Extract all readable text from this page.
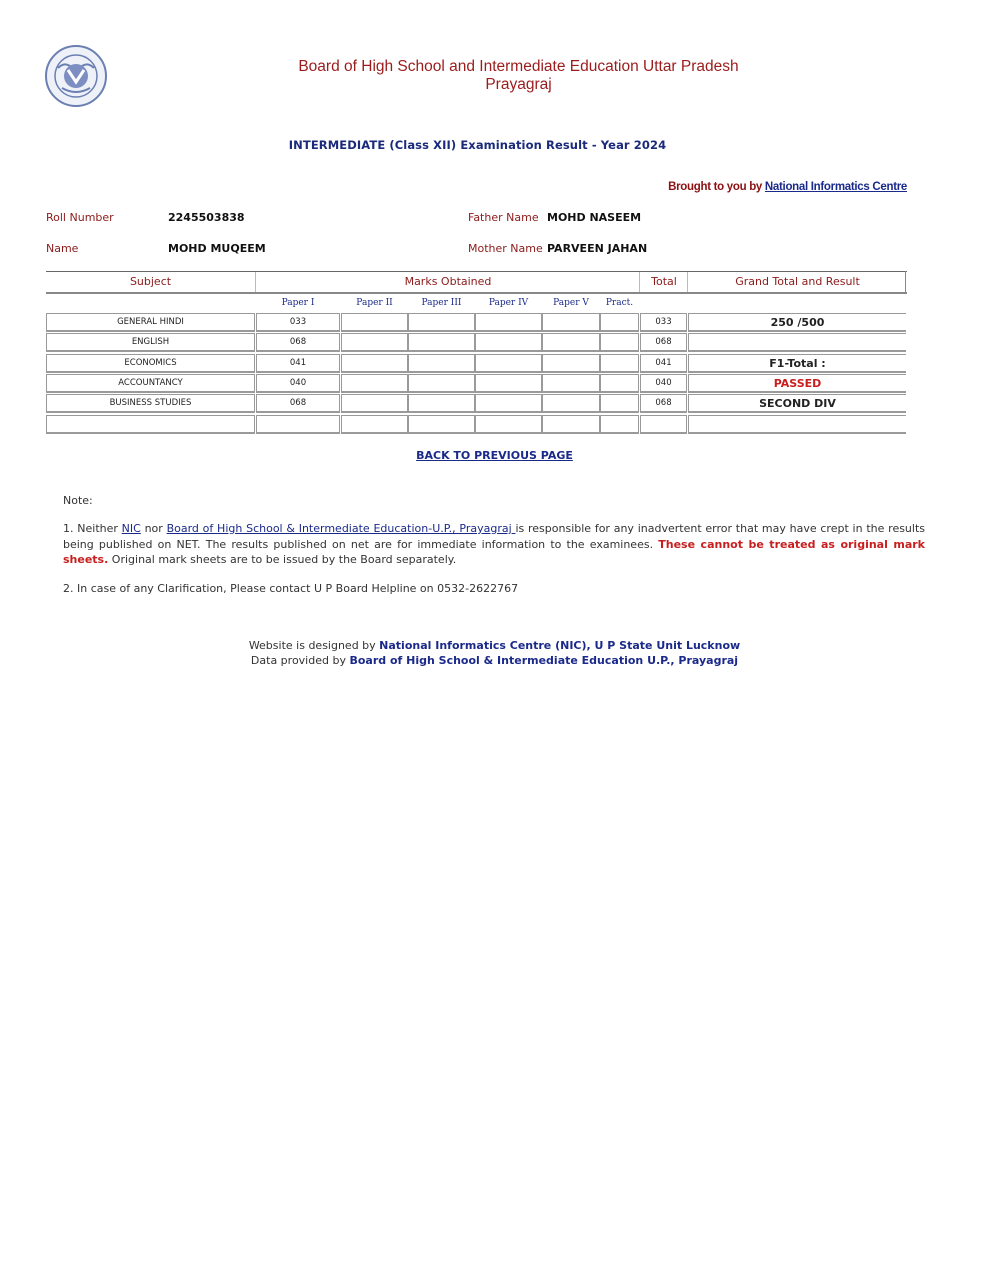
Board of High School and Intermediate Education Uttar Pradesh
Prayagraj
INTERMEDIATE (Class XII) Examination Result - Year 2024
Brought to you by National Informatics Centre
Roll Number	2245503838	Father Name MOHD NASEEM
Name	MOHD MUQEEM	Mother Name PARVEEN JAHAN
Subject	Marks Obtained	Total	Grand Total and Result
Paper I	Paper II	Paper III	Paper IV	Paper V	Pract.
GENERAL HINDI	033	033	250 /500
ENGLISH	068	068
ECONOMICS	041	041	F1-Total :
ACCOUNTANCY	040	040	PASSED
BUSINESS STUDIES	068	068	SECOND DIV
BACK TO PREVIOUS PAGE
Note:
1. Neither NIC nor Board of High School & Intermediate Education-U.P., Prayagraj is responsible for any inadvertent error that may have crept in the results being published on NET. The results published on net are for immediate information to the examinees. These cannot be treated as original mark sheets. Original mark sheets are to be issued by the Board separately.
2. In case of any Clarification, Please contact U P Board Helpline on 0532-2622767
Website is designed by National Informatics Centre (NIC), U P State Unit Lucknow
Data provided by Board of High School & Intermediate Education U.P., Prayagraj
